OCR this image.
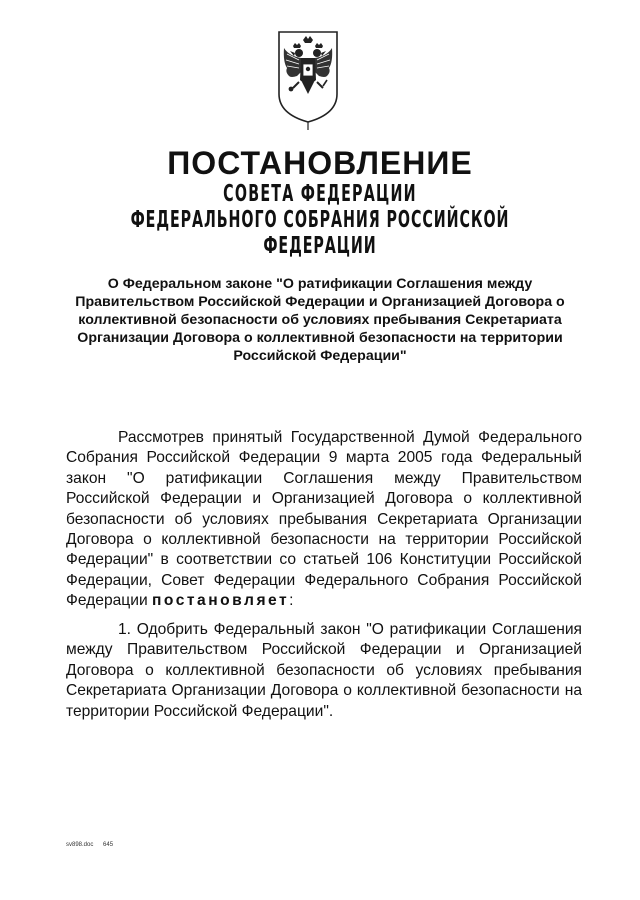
ПОСТАНОВЛЕНИЕ
СОВЕТА ФЕДЕРАЦИИ
ФЕДЕРАЛЬНОГО СОБРАНИЯ РОССИЙСКОЙ ФЕДЕРАЦИИ

О Федеральном законе "О ратификации Соглашения между Правительством Российской Федерации и Организацией Договора о коллективной безопасности об условиях пребывания Секретариата Организации Договора о коллективной безопасности на территории Российской Федерации"

Рассмотрев принятый Государственной Думой Федерального Собрания Российской Федерации 9 марта 2005 года Федеральный закон "О ратификации Соглашения между Правительством Российской Федерации и Организацией Договора о коллективной безопасности об условиях пребывания Секретариата Организации Договора о коллективной безопасности на территории Российской Федерации" в соответствии со статьей 106 Конституции Российской Федерации, Совет Федерации Федерального Собрания Российской Федерации постановляет:

1. Одобрить Федеральный закон "О ратификации Соглашения между Правительством Российской Федерации и Организацией Договора о коллективной безопасности об условиях пребывания Секретариата Организации Договора о коллективной безопасности на территории Российской Федерации".

sv898.doc 645
